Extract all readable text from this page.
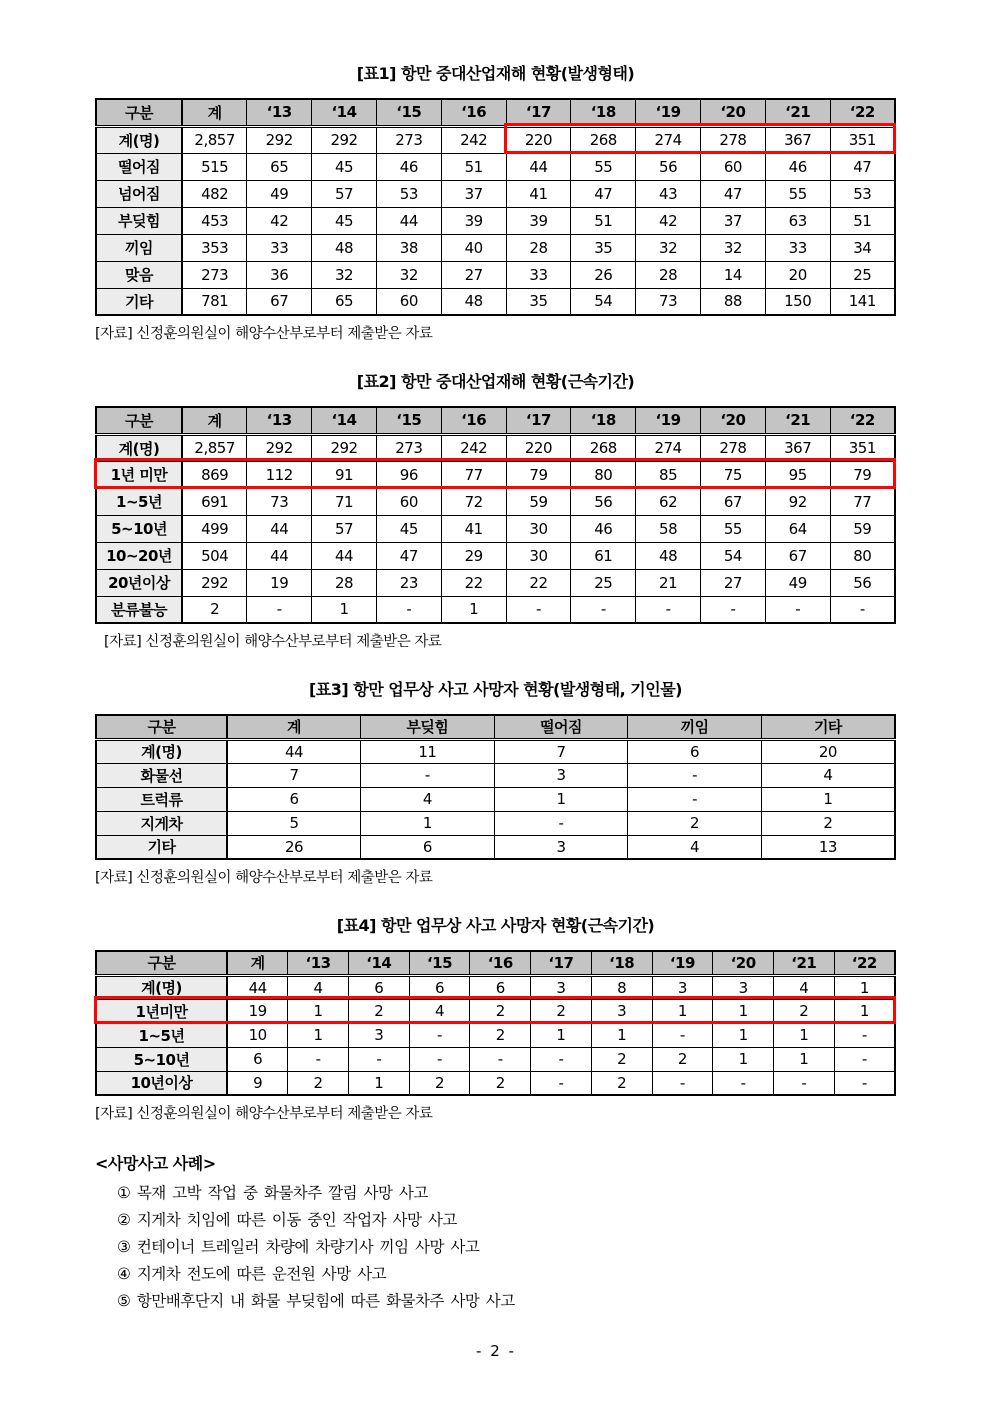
[표1] 항만 중대산업재해 현황(발생형태)
구분	계	‘13	‘14	‘15	‘16	‘17	‘18	‘19	‘20	‘21	‘22
계(명)	2,857	292	292	273	242	220	268	274	278	367	351
떨어짐	515	65	45	46	51	44	55	56	60	46	47
넘어짐	482	49	57	53	37	41	47	43	47	55	53
부딪힘	453	42	45	44	39	39	51	42	37	63	51
끼임	353	33	48	38	40	28	35	32	32	33	34
맞음	273	36	32	32	27	33	26	28	14	20	25
기타	781	67	65	60	48	35	54	73	88	150	141
[자료] 신정훈의원실이 해양수산부로부터 제출받은 자료
[표2] 항만 중대산업재해 현황(근속기간)
구분	계	‘13	‘14	‘15	‘16	‘17	‘18	‘19	‘20	‘21	‘22
계(명)	2,857	292	292	273	242	220	268	274	278	367	351
1년 미만	869	112	91	96	77	79	80	85	75	95	79
1~5년	691	73	71	60	72	59	56	62	67	92	77
5~10년	499	44	57	45	41	30	46	58	55	64	59
10~20년	504	44	44	47	29	30	61	48	54	67	80
20년이상	292	19	28	23	22	22	25	21	27	49	56
분류불능	2	-	1	-	1	-	-	-	-	-	-
[자료] 신정훈의원실이 해양수산부로부터 제출받은 자료
[표3] 항만 업무상 사고 사망자 현황(발생형태, 기인물)
구분	계	부딪힘	떨어짐	끼임	기타
계(명)	44	11	7	6	20
화물선	7	-	3	-	4
트럭류	6	4	1	-	1
지게차	5	1	-	2	2
기타	26	6	3	4	13
[자료] 신정훈의원실이 해양수산부로부터 제출받은 자료
[표4] 항만 업무상 사고 사망자 현황(근속기간)
구분	계	‘13	‘14	‘15	‘16	‘17	‘18	‘19	‘20	‘21	‘22
계(명)	44	4	6	6	6	3	8	3	3	4	1
1년미만	19	1	2	4	2	2	3	1	1	2	1
1~5년	10	1	3	-	2	1	1	-	1	1	-
5~10년	6	-	-	-	-	-	2	2	1	1	-
10년이상	9	2	1	2	2	-	2	-	-	-	-
[자료] 신정훈의원실이 해양수산부로부터 제출받은 자료
<사망사고 사례>
① 목재 고박 작업 중 화물차주 깔림 사망 사고
② 지게차 치임에 따른 이동 중인 작업자 사망 사고
③ 컨테이너 트레일러 차량에 차량기사 끼임 사망 사고
④ 지게차 전도에 따른 운전원 사망 사고
⑤ 항만배후단지 내 화물 부딪힘에 따른 화물차주 사망 사고
- 2 -
